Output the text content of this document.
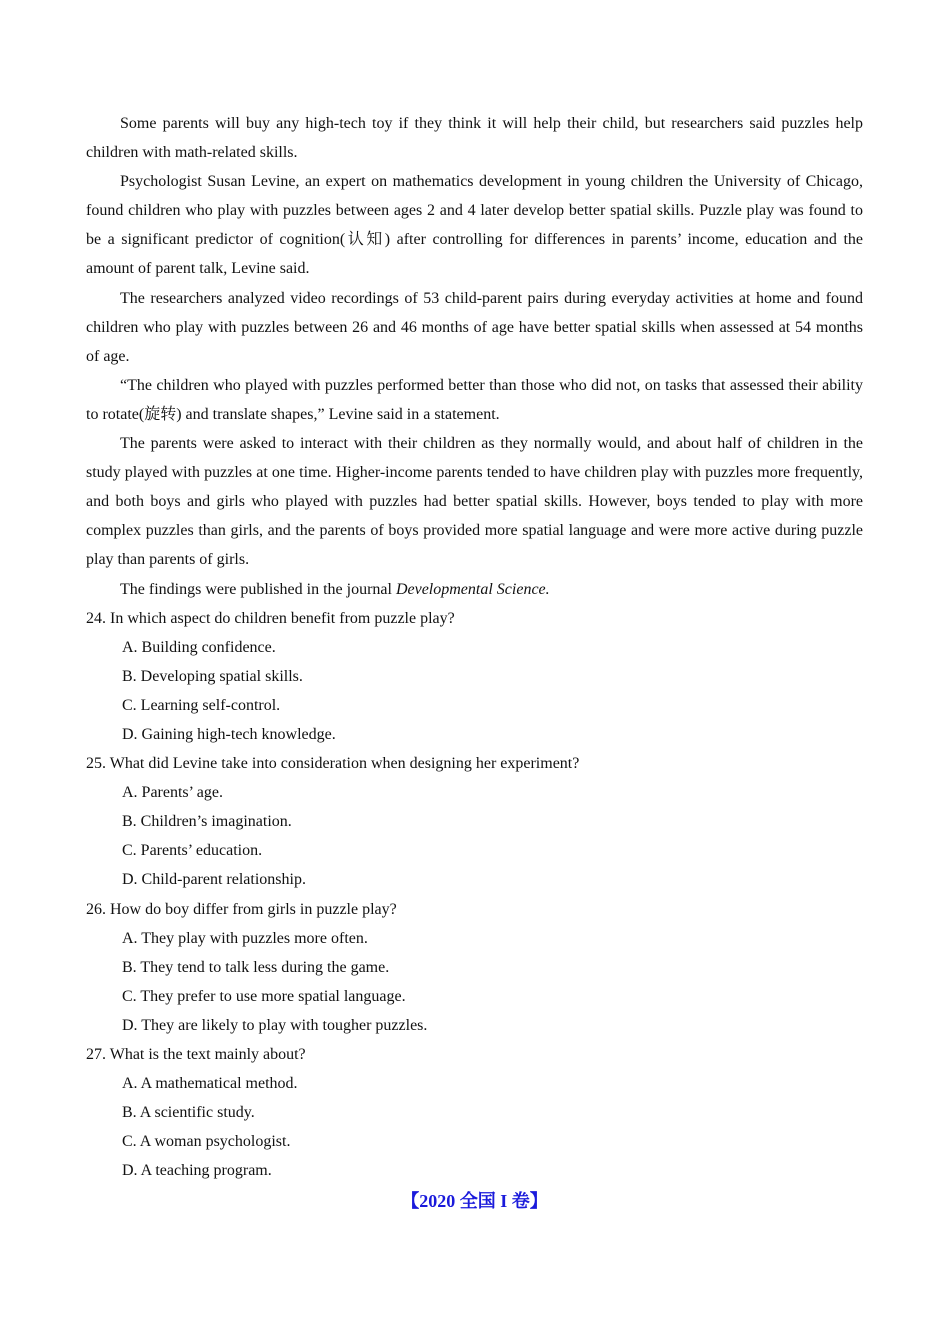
Some parents will buy any high-tech toy if they think it will help their child, but researchers said puzzles help children with math-related skills.

Psychologist Susan Levine, an expert on mathematics development in young children the University of Chicago, found children who play with puzzles between ages 2 and 4 later develop better spatial skills. Puzzle play was found to be a significant predictor of cognition(认知) after controlling for differences in parents’ income, education and the amount of parent talk, Levine said.

The researchers analyzed video recordings of 53 child-parent pairs during everyday activities at home and found children who play with puzzles between 26 and 46 months of age have better spatial skills when assessed at 54 months of age.

“The children who played with puzzles performed better than those who did not, on tasks that assessed their ability to rotate(旋转) and translate shapes,” Levine said in a statement.

The parents were asked to interact with their children as they normally would, and about half of children in the study played with puzzles at one time. Higher-income parents tended to have children play with puzzles more frequently, and both boys and girls who played with puzzles had better spatial skills. However, boys tended to play with more complex puzzles than girls, and the parents of boys provided more spatial language and were more active during puzzle play than parents of girls.

The findings were published in the journal Developmental Science.

24. In which aspect do children benefit from puzzle play?

A. Building confidence.

B. Developing spatial skills.

C. Learning self-control.

D. Gaining high-tech knowledge.

25. What did Levine take into consideration when designing her experiment?

A. Parents’ age.

B. Children’s imagination.

C. Parents’ education.

D. Child-parent relationship.

26. How do boy differ from girls in puzzle play?

A. They play with puzzles more often.

B. They tend to talk less during the game.

C. They prefer to use more spatial language.

D. They are likely to play with tougher puzzles.

27. What is the text mainly about?

A. A mathematical method.

B. A scientific study.

C. A woman psychologist.

D. A teaching program.

【2020 全国 I 卷】
